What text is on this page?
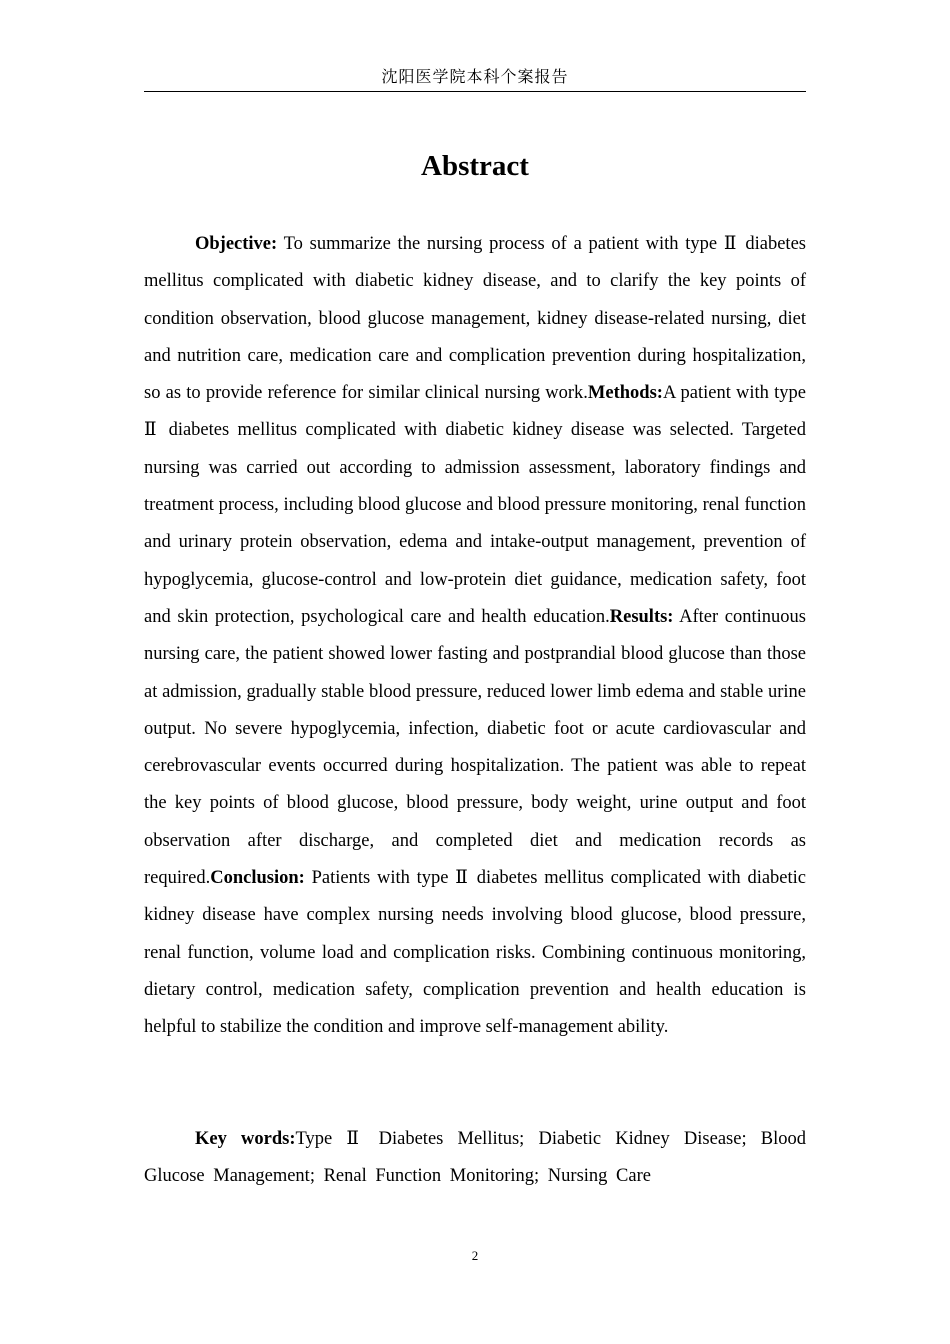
沈阳医学院本科个案报告
Abstract

Objective: To summarize the nursing process of a patient with type Ⅱ diabetes mellitus complicated with diabetic kidney disease, and to clarify the key points of condition observation, blood glucose management, kidney disease-related nursing, diet and nutrition care, medication care and complication prevention during hospitalization, so as to provide reference for similar clinical nursing work.Methods:A patient with type Ⅱ diabetes mellitus complicated with diabetic kidney disease was selected. Targeted nursing was carried out according to admission assessment, laboratory findings and treatment process, including blood glucose and blood pressure monitoring, renal function and urinary protein observation, edema and intake-output management, prevention of hypoglycemia, glucose-control and low-protein diet guidance, medication safety, foot and skin protection, psychological care and health education.Results: After continuous nursing care, the patient showed lower fasting and postprandial blood glucose than those at admission, gradually stable blood pressure, reduced lower limb edema and stable urine output. No severe hypoglycemia, infection, diabetic foot or acute cardiovascular and cerebrovascular events occurred during hospitalization. The patient was able to repeat the key points of blood glucose, blood pressure, body weight, urine output and foot observation after discharge, and completed diet and medication records as required.Conclusion: Patients with type Ⅱ diabetes mellitus complicated with diabetic kidney disease have complex nursing needs involving blood glucose, blood pressure, renal function, volume load and complication risks. Combining continuous monitoring, dietary control, medication safety, complication prevention and health education is helpful to stabilize the condition and improve self-management ability.

Key words:Type Ⅱ Diabetes Mellitus; Diabetic Kidney Disease; Blood Glucose Management; Renal Function Monitoring; Nursing Care

2
